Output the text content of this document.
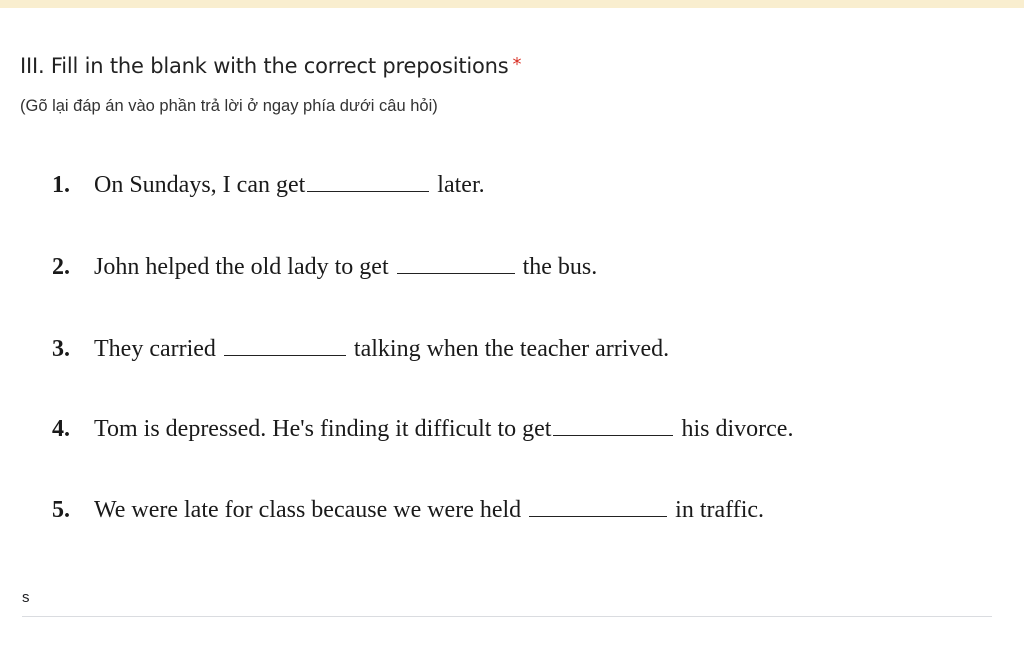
III. Fill in the blank with the correct prepositions *
(Gõ lại đáp án vào phần trả lời ở ngay phía dưới câu hỏi)
1. On Sundays, I can get	later.
2. John helped the old lady to get	the bus.
3. They carried	talking when the teacher arrived.
4. Tom is depressed. He's finding it difficult to get	his divorce.
5. We were late for class because we were held	in traffic.
s
